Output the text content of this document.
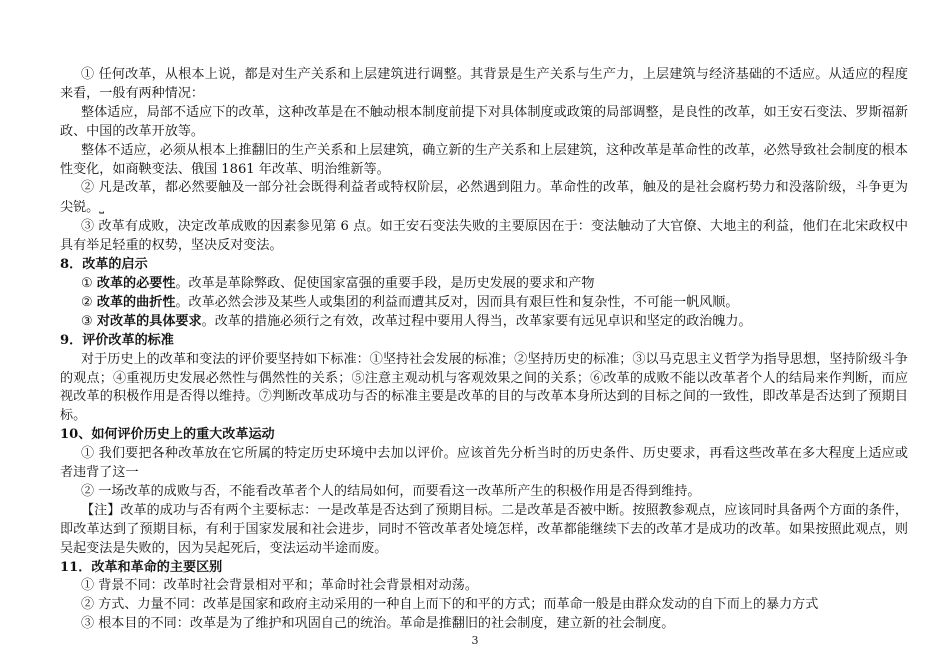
① 任何改革，从根本上说，都是对生产关系和上层建筑进行调整。其背景是生产关系与生产力，上层建筑与经济基础的不适应。从适应的程度来看，一般有两种情况：

整体适应，局部不适应下的改革，这种改革是在不触动根本制度前提下对具体制度或政策的局部调整，是良性的改革，如王安石变法、罗斯福新政、中国的改革开放等。

整体不适应，必须从根本上推翻旧的生产关系和上层建筑，确立新的生产关系和上层建筑，这种改革是革命性的改革，必然导致社会制度的根本性变化，如商鞅变法、俄国 1861 年改革、明治维新等。

② 凡是改革，都必然要触及一部分社会既得利益者或特权阶层，必然遇到阻力。革命性的改革，触及的是社会腐朽势力和没落阶级，斗争更为尖锐。⎵

③ 改革有成败，决定改革成败的因素参见第 6 点。如王安石变法失败的主要原因在于：变法触动了大官僚、大地主的利益，他们在北宋政权中具有举足轻重的权势，坚决反对变法。

8．改革的启示

① 改革的必要性。改革是革除弊政、促使国家富强的重要手段，是历史发展的要求和产物

② 改革的曲折性。改革必然会涉及某些人或集团的利益而遭其反对，因而具有艰巨性和复杂性，不可能一帆风顺。

③ 对改革的具体要求。改革的措施必须行之有效，改革过程中要用人得当，改革家要有远见卓识和坚定的政治魄力。

9．评价改革的标准

对于历史上的改革和变法的评价要坚持如下标准：①坚持社会发展的标准；②坚持历史的标准；③以马克思主义哲学为指导思想，坚持阶级斗争的观点；④重视历史发展必然性与偶然性的关系；⑤注意主观动机与客观效果之间的关系；⑥改革的成败不能以改革者个人的结局来作判断，而应视改革的积极作用是否得以维持。⑦判断改革成功与否的标准主要是改革的目的与改革本身所达到的目标之间的一致性，即改革是否达到了预期目标。

10、如何评价历史上的重大改革运动

① 我们要把各种改革放在它所属的特定历史环境中去加以评价。应该首先分析当时的历史条件、历史要求，再看这些改革在多大程度上适应或者违背了这一

② 一场改革的成败与否，不能看改革者个人的结局如何，而要看这一改革所产生的积极作用是否得到维持。

【注】改革的成功与否有两个主要标志：一是改革是否达到了预期目标。二是改革是否被中断。按照教参观点，应该同时具备两个方面的条件，即改革达到了预期目标，有利于国家发展和社会进步，同时不管改革者处境怎样，改革都能继续下去的改革才是成功的改革。如果按照此观点，则吴起变法是失败的，因为吴起死后，变法运动半途而废。

11．改革和革命的主要区别

① 背景不同：改革时社会背景相对平和；革命时社会背景相对动荡。

② 方式、力量不同：改革是国家和政府主动采用的一种自上而下的和平的方式；而革命一般是由群众发动的自下而上的暴力方式

③ 根本目的不同：改革是为了维护和巩固自己的统治。革命是推翻旧的社会制度，建立新的社会制度。

3
